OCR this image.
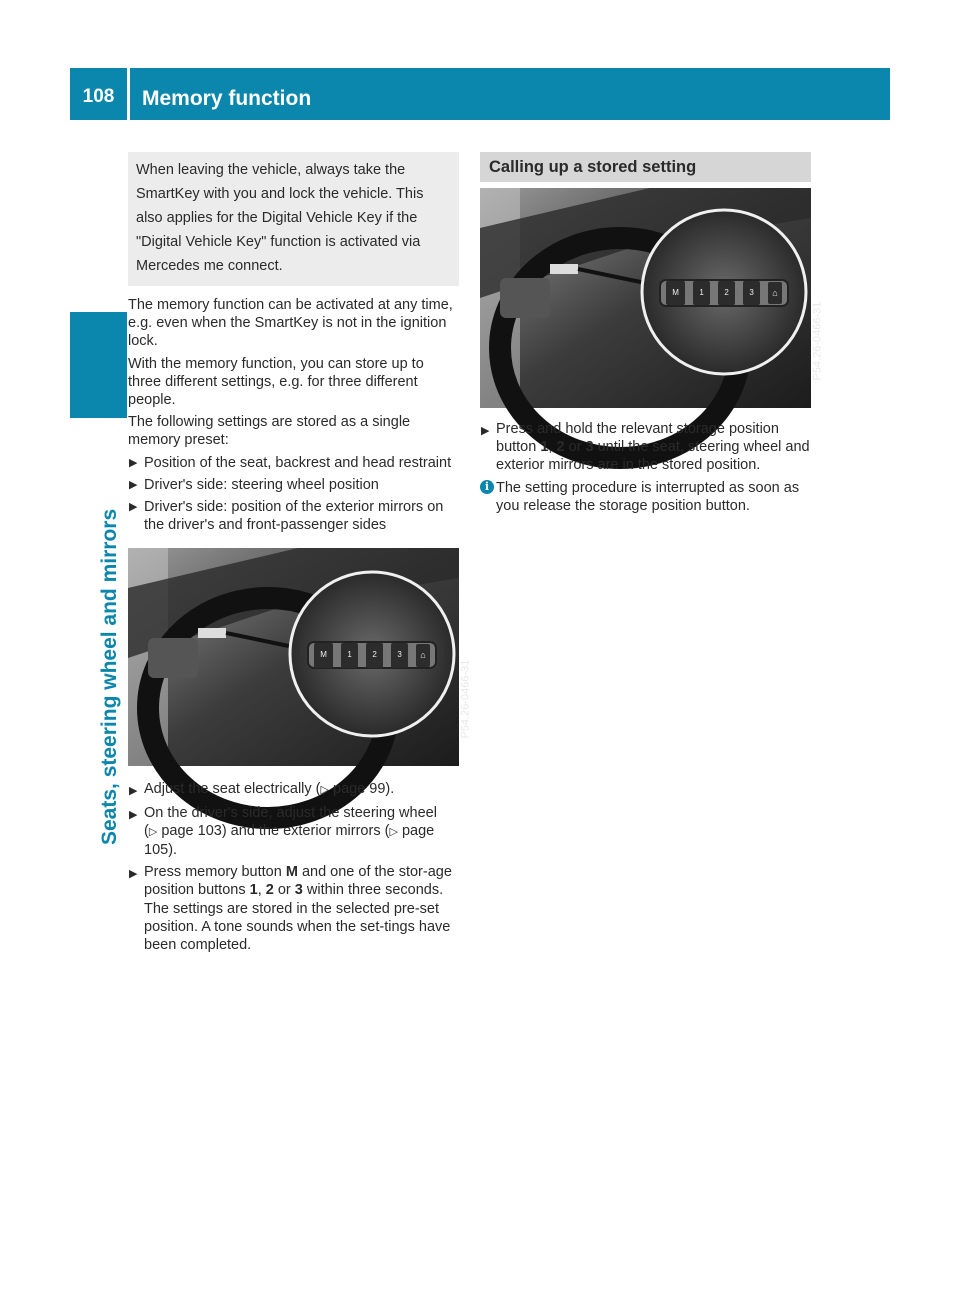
108	Memory function
Seats, steering wheel and mirrors
When leaving the vehicle, always take the SmartKey with you and lock the vehicle. This also applies for the Digital Vehicle Key if the "Digital Vehicle Key" function is activated via Mercedes me connect.

The memory function can be activated at any time, e.g. even when the SmartKey is not in the ignition lock.

With the memory function, you can store up to three different settings, e.g. for three different people.

The following settings are stored as a single memory preset:

▶ Position of the seat, backrest and head restraint
▶ Driver's side: steering wheel position
▶ Driver's side: position of the exterior mirrors on the driver's and front-passenger sides
M	1	2	3	⌂
P54.26-0466-31
▶ Adjust the seat electrically (▷ page 99).
▶ On the driver's side, adjust the steering wheel (▷ page 103) and the exterior mirrors (▷ page 105).
▶ Press memory button M and one of the stor-age position buttons 1, 2 or 3 within three seconds.
The settings are stored in the selected pre-set position. A tone sounds when the set-tings have been completed.
Calling up a stored setting
M	1	2	3	⌂
P54.26-0466-31
▶ Press and hold the relevant storage position button 1, 2 or 3 until the seat, steering wheel and exterior mirrors are in the stored position.
i The setting procedure is interrupted as soon as you release the storage position button.
